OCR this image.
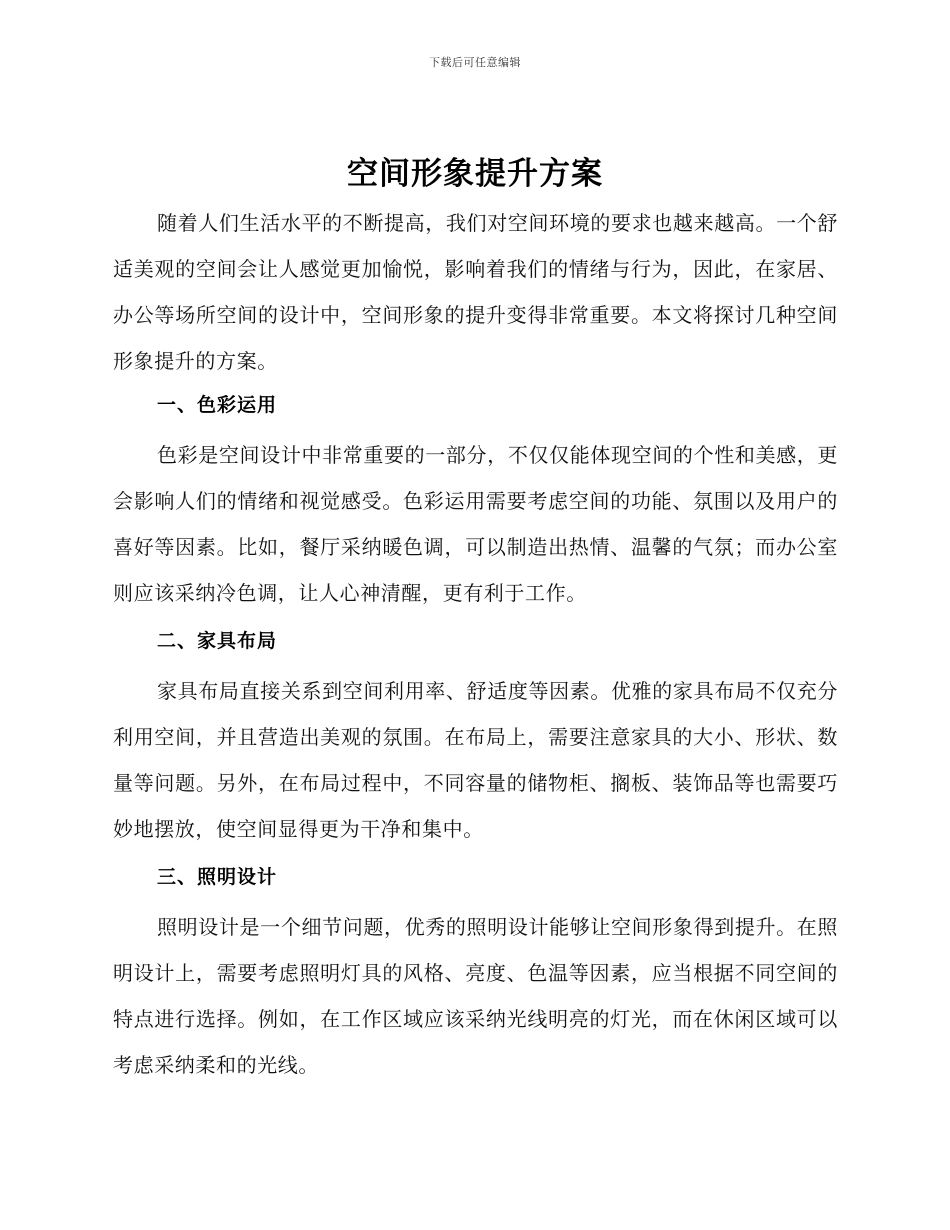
下载后可任意编辑
空间形象提升方案
随着人们生活水平的不断提高，我们对空间环境的要求也越来越高。一个舒适美观的空间会让人感觉更加愉悦，影响着我们的情绪与行为，因此，在家居、办公等场所空间的设计中，空间形象的提升变得非常重要。本文将探讨几种空间形象提升的方案。
一、色彩运用
色彩是空间设计中非常重要的一部分，不仅仅能体现空间的个性和美感，更会影响人们的情绪和视觉感受。色彩运用需要考虑空间的功能、氛围以及用户的喜好等因素。比如，餐厅采纳暖色调，可以制造出热情、温馨的气氛；而办公室则应该采纳冷色调，让人心神清醒，更有利于工作。
二、家具布局
家具布局直接关系到空间利用率、舒适度等因素。优雅的家具布局不仅充分利用空间，并且营造出美观的氛围。在布局上，需要注意家具的大小、形状、数量等问题。另外，在布局过程中，不同容量的储物柜、搁板、装饰品等也需要巧妙地摆放，使空间显得更为干净和集中。
三、照明设计
照明设计是一个细节问题，优秀的照明设计能够让空间形象得到提升。在照明设计上，需要考虑照明灯具的风格、亮度、色温等因素，应当根据不同空间的特点进行选择。例如，在工作区域应该采纳光线明亮的灯光，而在休闲区域可以考虑采纳柔和的光线。
